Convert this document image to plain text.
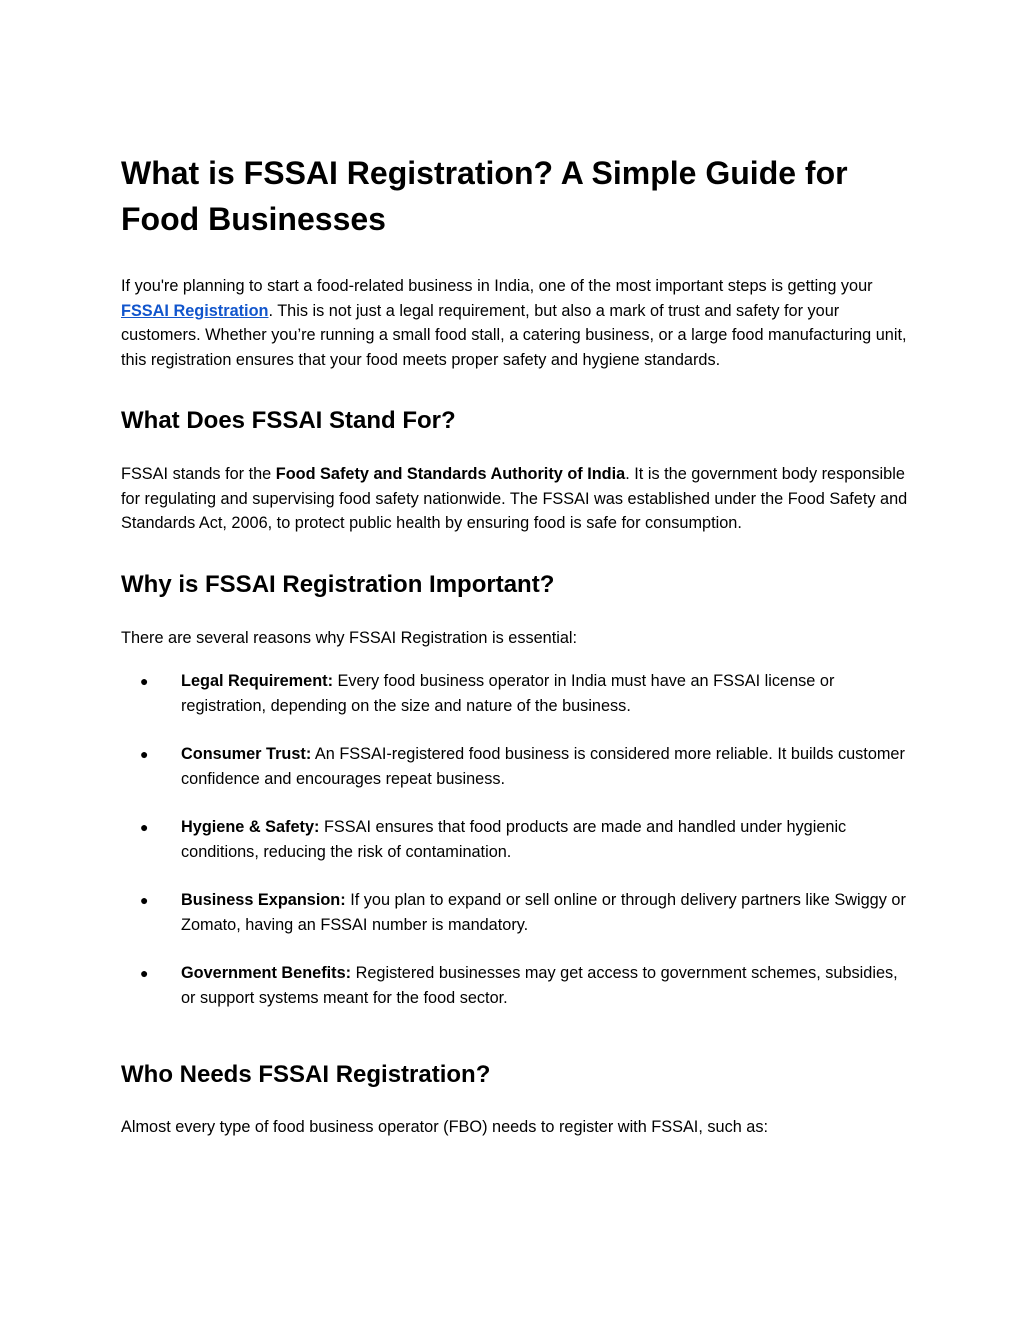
What is FSSAI Registration? A Simple Guide for Food Businesses

If you're planning to start a food-related business in India, one of the most important steps is getting your FSSAI Registration. This is not just a legal requirement, but also a mark of trust and safety for your customers. Whether you’re running a small food stall, a catering business, or a large food manufacturing unit, this registration ensures that your food meets proper safety and hygiene standards.

What Does FSSAI Stand For?

FSSAI stands for the Food Safety and Standards Authority of India. It is the government body responsible for regulating and supervising food safety nationwide. The FSSAI was established under the Food Safety and Standards Act, 2006, to protect public health by ensuring food is safe for consumption.

Why is FSSAI Registration Important?

There are several reasons why FSSAI Registration is essential:

● Legal Requirement: Every food business operator in India must have an FSSAI license or registration, depending on the size and nature of the business.
● Consumer Trust: An FSSAI-registered food business is considered more reliable. It builds customer confidence and encourages repeat business.
● Hygiene & Safety: FSSAI ensures that food products are made and handled under hygienic conditions, reducing the risk of contamination.
● Business Expansion: If you plan to expand or sell online or through delivery partners like Swiggy or Zomato, having an FSSAI number is mandatory.
● Government Benefits: Registered businesses may get access to government schemes, subsidies, or support systems meant for the food sector.
Who Needs FSSAI Registration?

Almost every type of food business operator (FBO) needs to register with FSSAI, such as:
